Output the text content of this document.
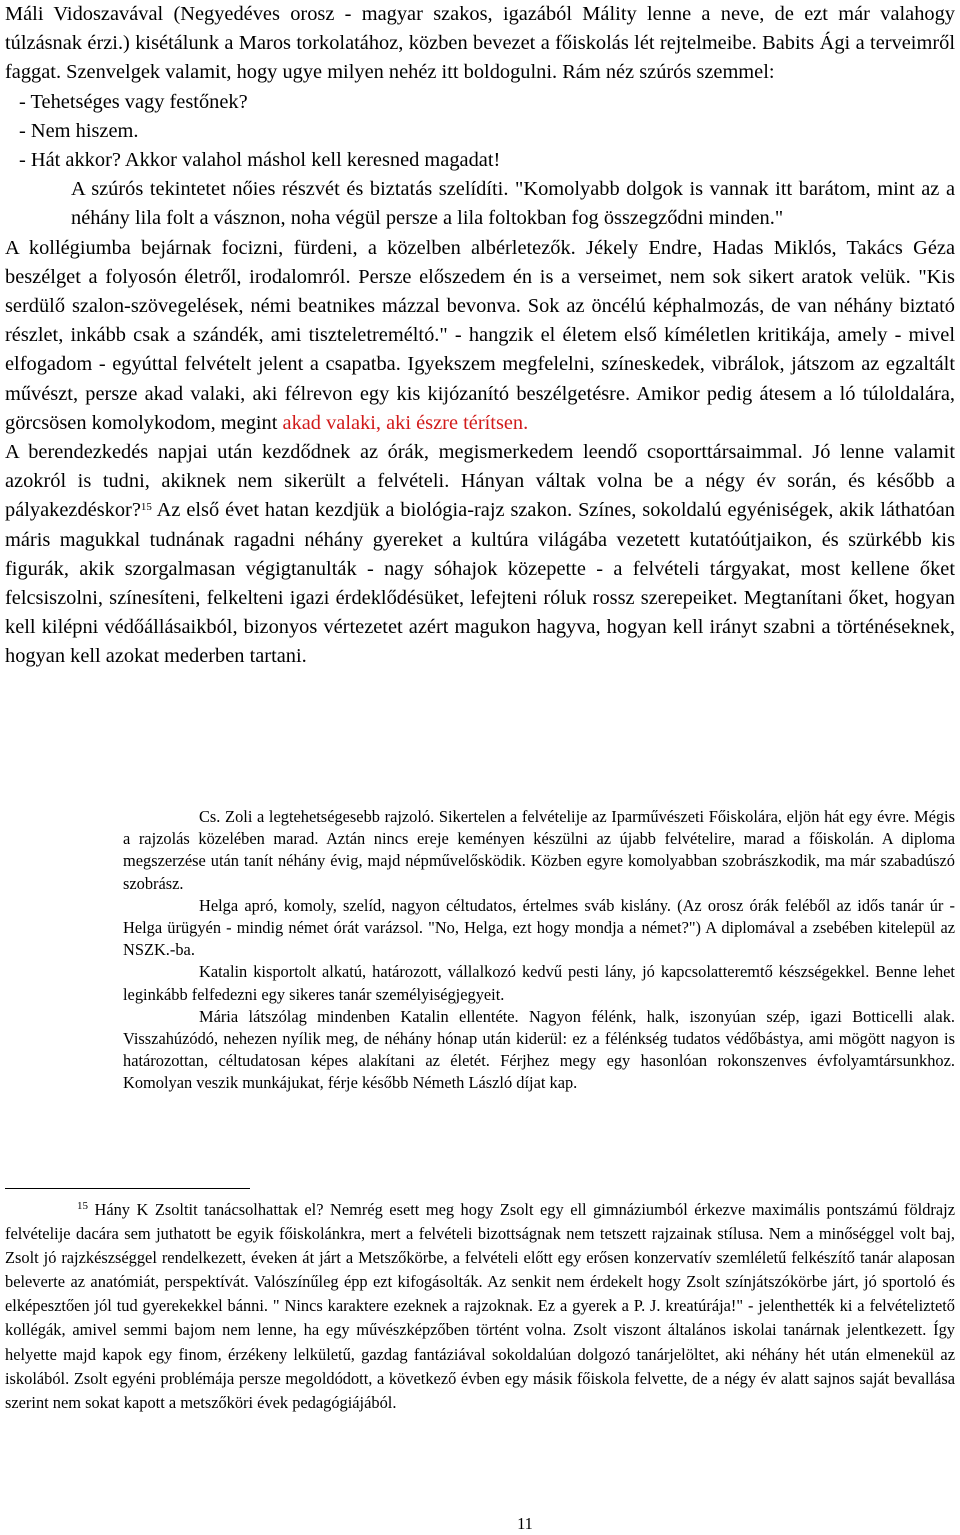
Máli Vidoszavával (Negyedéves orosz - magyar szakos, igazából Málity lenne a neve, de ezt már valahogy túlzásnak érzi.) kisétálunk a Maros torkolatához, közben bevezet a főiskolás lét rejtelmeibe. Babits Ági a terveimről faggat. Szenvelgek valamit, hogy ugye milyen nehéz itt boldogulni. Rám néz szúrós szemmel:

- Tehetséges vagy festőnek?

- Nem hiszem.

- Hát akkor? Akkor valahol máshol kell keresned magadat!

A szúrós tekintetet nőies részvét és biztatás szelídíti. "Komolyabb dolgok is vannak itt barátom, mint az a néhány lila folt a vásznon, noha végül persze a lila foltokban fog összegződni minden."

A kollégiumba bejárnak focizni, fürdeni, a közelben albérletezők. Jékely Endre, Hadas Miklós, Takács Géza beszélget a folyosón életről, irodalomról. Persze előszedem én is a verseimet, nem sok sikert aratok velük. "Kis serdülő szalon-szövegelések, némi beatnikes mázzal bevonva. Sok az öncélú képhalmozás, de van néhány biztató részlet, inkább csak a szándék, ami tiszteletreméltó." - hangzik el életem első kíméletlen kritikája, amely - mivel elfogadom - egyúttal felvételt jelent a csapatba. Igyekszem megfelelni, színeskedek, vibrálok, játszom az egzaltált művészt, persze akad valaki, aki félrevon egy kis kijózanító beszélgetésre. Amikor pedig átesem a ló túloldalára, görcsösen komolykodom, megint akad valaki, aki észre térítsen.

A berendezkedés napjai után kezdődnek az órák, megismerkedem leendő csoporttársaimmal. Jó lenne valamit azokról is tudni, akiknek nem sikerült a felvételi. Hányan váltak volna be a négy év során, és később a pályakezdéskor?$^{15}$ Az első évet hatan kezdjük a biológia-rajz szakon. Színes, sokoldalú egyéniségek, akik láthatóan máris magukkal tudnának ragadni néhány gyereket a kultúra világába vezetett kutatóútjaikon, és szürkébb kis figurák, akik szorgalmasan végigtanulták - nagy sóhajok közepette - a felvételi tárgyakat, most kellene őket felcsiszolni, színesíteni, felkelteni igazi érdeklődésüket, lefejteni róluk rossz szerepeiket. Megtanítani őket, hogyan kell kilépni védőállásaikból, bizonyos vértezetet azért magukon hagyva, hogyan kell irányt szabni a történéseknek, hogyan kell azokat mederben tartani.

Cs. Zoli a legtehetségesebb rajzoló. Sikertelen a felvételije az Iparművészeti Főiskolára, eljön hát egy évre. Mégis a rajzolás közelében marad. Aztán nincs ereje keményen készülni az újabb felvételire, marad a főiskolán. A diploma megszerzése után tanít néhány évig, majd népművelősködik. Közben egyre komolyabban szobrászkodik, ma már szabadúszó szobrász.

Helga apró, komoly, szelíd, nagyon céltudatos, értelmes sváb kislány. (Az orosz órák feléből az idős tanár úr - Helga ürügyén - mindig német órát varázsol. "No, Helga, ezt hogy mondja a német?") A diplomával a zsebében kitelepül az NSZK.-ba.

Katalin kisportolt alkatú, határozott, vállalkozó kedvű pesti lány, jó kapcsolatteremtő készségekkel. Benne lehet leginkább felfedezni egy sikeres tanár személyiségjegyeit.

Mária látszólag mindenben Katalin ellentéte. Nagyon félénk, halk, iszonyúan szép, igazi Botticelli alak. Visszahúzódó, nehezen nyílik meg, de néhány hónap után kiderül: ez a félénkség tudatos védőbástya, ami mögött nagyon is határozottan, céltudatosan képes alakítani az életét. Férjhez megy egy hasonlóan rokonszenves évfolyamtársunkhoz. Komolyan veszik munkájukat, férje később Németh László díjat kap.

$^{15}$ Hány K Zsoltit tanácsolhattak el? Nemrég esett meg hogy Zsolt egy ell gimnáziumból érkezve maximális pontszámú földrajz felvételije dacára sem juthatott be egyik főiskolánkra, mert a felvételi bizottságnak nem tetszett rajzainak stílusa. Nem a minőséggel volt baj, Zsolt jó rajzkészséggel rendelkezett, éveken át járt a Metszőkörbe, a felvételi előtt egy erősen konzervatív szemléletű felkészítő tanár alaposan beleverte az anatómiát, perspektívát. Valószínűleg épp ezt kifogásolták. Az senkit nem érdekelt hogy Zsolt színjátszókörbe járt, jó sportoló és elképesztően jól tud gyerekekkel bánni. " Nincs karaktere ezeknek a rajzoknak. Ez a gyerek a P. J. kreatúrája!" - jelenthették ki a felvételiztető kollégák, amivel semmi bajom nem lenne, ha egy művészképzőben történt volna. Zsolt viszont általános iskolai tanárnak jelentkezett. Így helyette majd kapok egy finom, érzékeny lelkületű, gazdag fantáziával sokoldalúan dolgozó tanárjelöltet, aki néhány hét után elmenekül az iskolából. Zsolt egyéni problémája persze megoldódott, a következő évben egy másik főiskola felvette, de a négy év alatt sajnos saját bevallása szerint nem sokat kapott a metszőköri évek pedagógiájából.

11
